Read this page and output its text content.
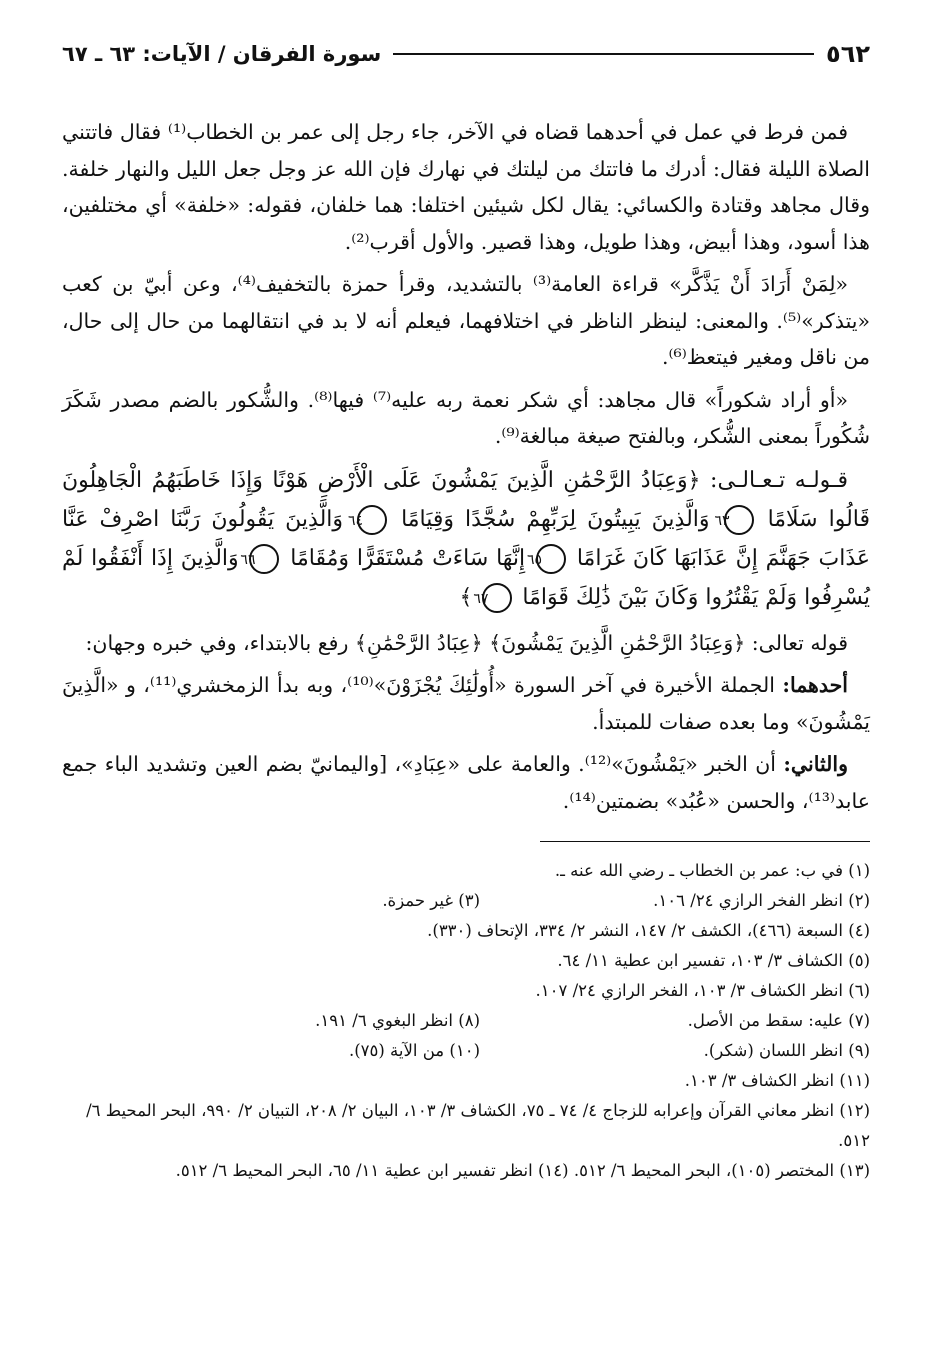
٥٦٢
سورة الفرقان / الآيات: ٦٣ ـ ٦٧

فمن فرط في عمل في أحدهما قضاه في الآخر، جاء رجل إلى عمر بن الخطاب⁽¹⁾ فقال فاتتني الصلاة الليلة فقال: أدرك ما فاتتك من ليلتك في نهارك فإن الله عز وجل جعل الليل والنهار خلفة. وقال مجاهد وقتادة والكسائي: يقال لكل شيئين اختلفا: هما خلفان، فقوله: «خلفة» أي مختلفين، هذا أسود، وهذا أبيض، وهذا طويل، وهذا قصير. والأول أقرب⁽²⁾.

«لِمَنْ أَرَادَ أَنْ يَذَّكَّر» قراءة العامة⁽³⁾ بالتشديد، وقرأ حمزة بالتخفيف⁽⁴⁾، وعن أبيّ بن كعب «يتذكر»⁽⁵⁾. والمعنى: لينظر الناظر في اختلافهما، فيعلم أنه لا بد في انتقالهما من حال إلى حال، من ناقل ومغير فيتعظ⁽⁶⁾.

«أو أراد شكوراً» قال مجاهد: أي شكر نعمة ربه عليه⁽⁷⁾ فيها⁽⁸⁾. والشُّكور بالضم مصدر شَكَرَ شُكُوراً بمعنى الشُّكر، وبالفتح صيغة مبالغة⁽⁹⁾.

قـولـه تـعـالـى: ﴿وَعِبَادُ الرَّحْمَٰنِ الَّذِينَ يَمْشُونَ عَلَى الْأَرْضِ هَوْنًا وَإِذَا خَاطَبَهُمُ الْجَاهِلُونَ قَالُوا سَلَامًا ٦٣ وَالَّذِينَ يَبِيتُونَ لِرَبِّهِمْ سُجَّدًا وَقِيَامًا ٦٤ وَالَّذِينَ يَقُولُونَ رَبَّنَا اصْرِفْ عَنَّا عَذَابَ جَهَنَّمَ إِنَّ عَذَابَهَا كَانَ غَرَامًا ٦٥ إِنَّهَا سَاءَتْ مُسْتَقَرًّا وَمُقَامًا ٦٦ وَالَّذِينَ إِذَا أَنْفَقُوا لَمْ يُسْرِفُوا وَلَمْ يَقْتُرُوا وَكَانَ بَيْنَ ذَٰلِكَ قَوَامًا ٦٧ ﴾

قوله تعالى: ﴿وَعِبَادُ الرَّحْمَٰنِ الَّذِينَ يَمْشُونَ﴾ ﴿عِبَادُ الرَّحْمَٰنِ﴾ رفع بالابتداء، وفي خبره وجهان:

أحدهما: الجملة الأخيرة في آخر السورة «أُولَٰئِكَ يُجْزَوْنَ»⁽¹⁰⁾، وبه بدأ الزمخشري⁽¹¹⁾، و «الَّذِينَ يَمْشُونَ» وما بعده صفات للمبتدأ.

والثاني: أن الخبر «يَمْشُونَ»⁽¹²⁾. والعامة على «عِبَادِ»، [واليمانيّ بضم العين وتشديد الباء جمع عابد⁽¹³⁾، والحسن «عُبُد» بضمتين⁽¹⁴⁾.

(١) في ب: عمر بن الخطاب ـ رضي الله عنه ـ.

(٢) انظر الفخر الرازي ٢٤/ ١٠٦.

(٣) غير حمزة.

(٤) السبعة (٤٦٦)، الكشف ٢/ ١٤٧، النشر ٢/ ٣٣٤، الإتحاف (٣٣٠).

(٥) الكشاف ٣/ ١٠٣، تفسير ابن عطية ١١/ ٦٤.

(٦) انظر الكشاف ٣/ ١٠٣، الفخر الرازي ٢٤/ ١٠٧.

(٧) عليه: سقط من الأصل.

(٨) انظر البغوي ٦/ ١٩١.

(٩) انظر اللسان (شكر).

(١٠) من الآية (٧٥).

(١١) انظر الكشاف ٣/ ١٠٣.

(١٢) انظر معاني القرآن وإعرابه للزجاج ٤/ ٧٤ ـ ٧٥، الكشاف ٣/ ١٠٣، البيان ٢/ ٢٠٨، التبيان ٢/ ٩٩٠، البحر المحيط ٦/ ٥١٢.

(١٣) المختصر (١٠٥)، البحر المحيط ٦/ ٥١٢. (١٤) انظر تفسير ابن عطية ١١/ ٦٥، البحر المحيط ٦/ ٥١٢.
